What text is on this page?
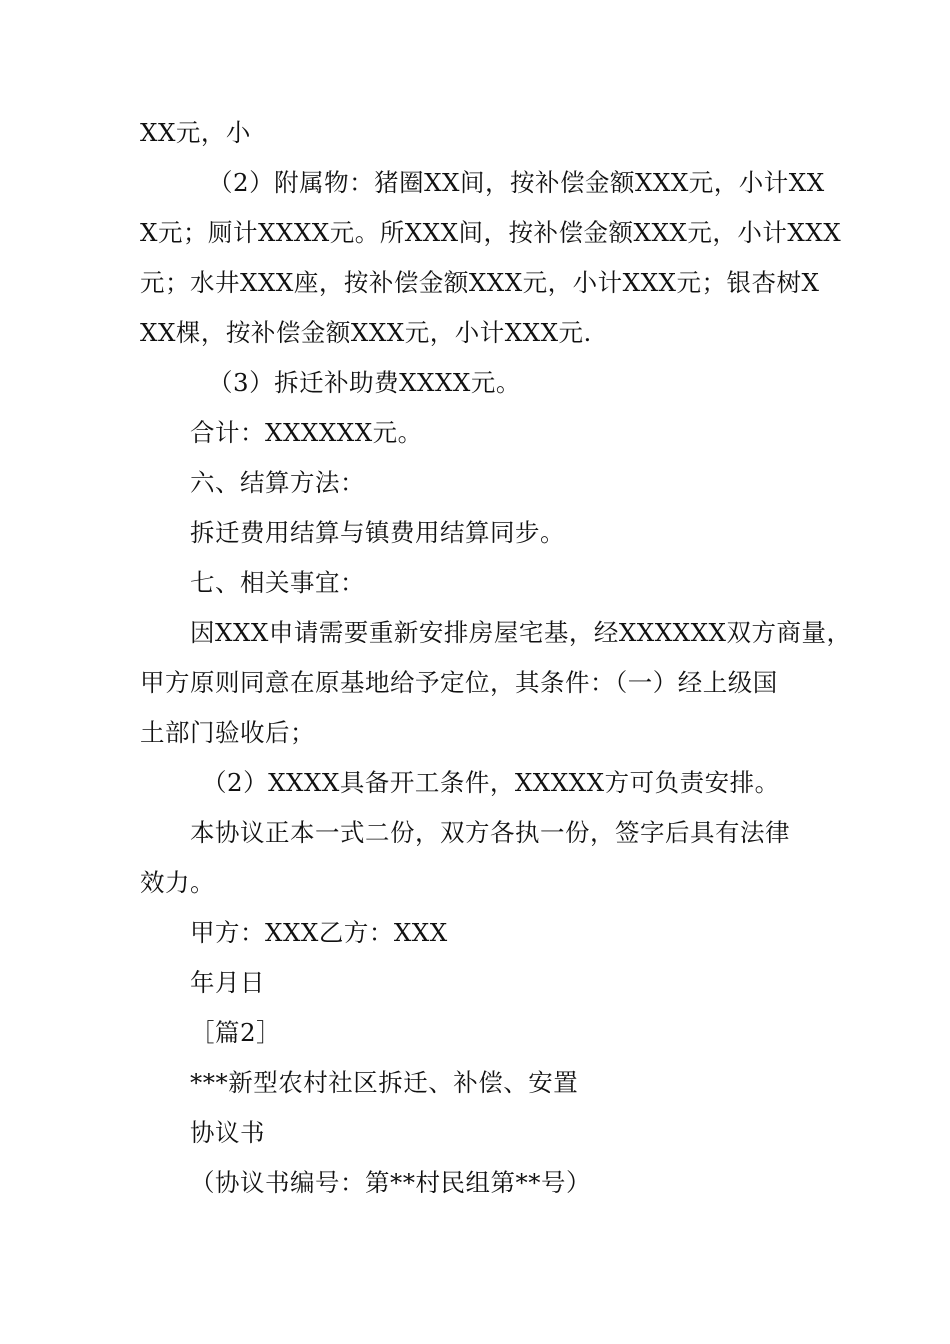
XX元，小
（2）附属物：猪圈XX间，按补偿金额XXX元，小计XX
X元；厕计XXXX元。所XXX间，按补偿金额XXX元，小计XXX
元；水井XXX座，按补偿金额XXX元，小计XXX元；银杏树X
XX棵，按补偿金额XXX元，小计XXX元.
（3）拆迁补助费XXXX元。
合计：XXXXXX元。
六、结算方法：
拆迁费用结算与镇费用结算同步。
七、相关事宜：
因XXX申请需要重新安排房屋宅基，经XXXXXX双方商量，
甲方原则同意在原基地给予定位，其条件：（一）经上级国
土部门验收后；
（2）XXXX具备开工条件，XXXXX方可负责安排。
本协议正本一式二份，双方各执一份，签字后具有法律
效力。
甲方：XXX乙方：XXX
年月日
［篇2］
***新型农村社区拆迁、补偿、安置
协议书
（协议书编号：第**村民组第**号）
